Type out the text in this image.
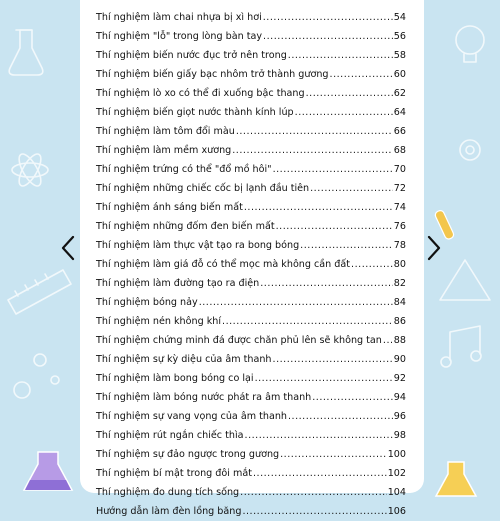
Thí nghiệm làm chai nhựa bị xì hơi .....	54
Thí nghiệm "lỗ" trong lòng bàn tay .....	56
Thí nghiệm biến nước đục trở nên trong .....	58
Thí nghiệm biến giấy bạc nhôm trở thành gương .....	60
Thí nghiệm lò xo có thể đi xuống bậc thang .....	62
Thí nghiệm biến giọt nước thành kính lúp .....	64
Thí nghiệm làm tôm đổi màu .....	66
Thí nghiệm làm mềm xương .....	68
Thí nghiệm trứng có thể "đổ mồ hôi" .....	70
Thí nghiệm những chiếc cốc bị lạnh đầu tiên .....	72
Thí nghiệm ánh sáng biến mất .....	74
Thí nghiệm những đốm đen biến mất .....	76
Thí nghiệm làm thực vật tạo ra bong bóng .....	78
Thí nghiệm làm giá đỗ có thể mọc mà không cần đất .....	80
Thí nghiệm làm đường tạo ra điện .....	82
Thí nghiệm bóng nảy .....	84
Thí nghiệm nén không khí .....	86
Thí nghiệm chứng minh đá được chăn phủ lên sẽ không tan ..... 88
Thí nghiệm sự kỳ diệu của âm thanh .....	90
Thí nghiệm làm bong bóng co lại .....	92
Thí nghiệm làm bóng nước phát ra âm thanh .....	94
Thí nghiệm sự vang vọng của âm thanh .....	96
Thí nghiệm rút ngắn chiếc thìa .....	98
Thí nghiệm sự đảo ngược trong gương .....	100
Thí nghiệm bí mật trong đôi mắt .....	102
Thí nghiệm đo dung tích sống .....	104
Hướng dẫn làm đèn lồng băng .....	106
